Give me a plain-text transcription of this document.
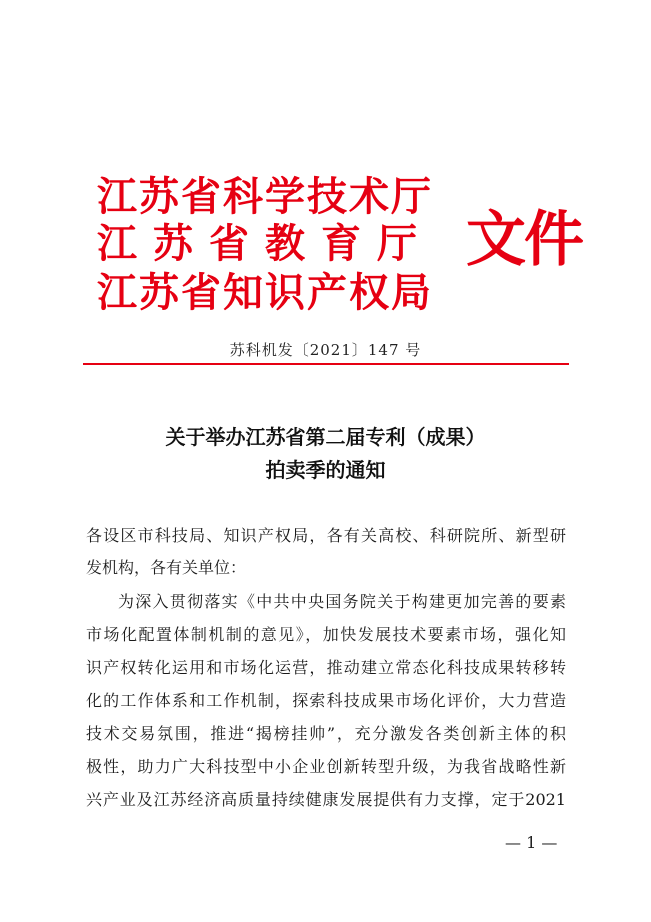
江苏省科学技术厅
江苏省教育厅
江苏省知识产权局
文件
苏科机发〔2021〕147 号
关于举办江苏省第二届专利（成果）
拍卖季的通知
各设区市科技局、知识产权局，各有关高校、科研院所、新型研
发机构，各有关单位：
为深入贯彻落实《中共中央国务院关于构建更加完善的要素
市场化配置体制机制的意见》，加快发展技术要素市场，强化知
识产权转化运用和市场化运营，推动建立常态化科技成果转移转
化的工作体系和工作机制，探索科技成果市场化评价，大力营造
技术交易氛围，推进“揭榜挂帅”，充分激发各类创新主体的积
极性，助力广大科技型中小企业创新转型升级，为我省战略性新
兴产业及江苏经济高质量持续健康发展提供有力支撑，定于2021
— 1 —
